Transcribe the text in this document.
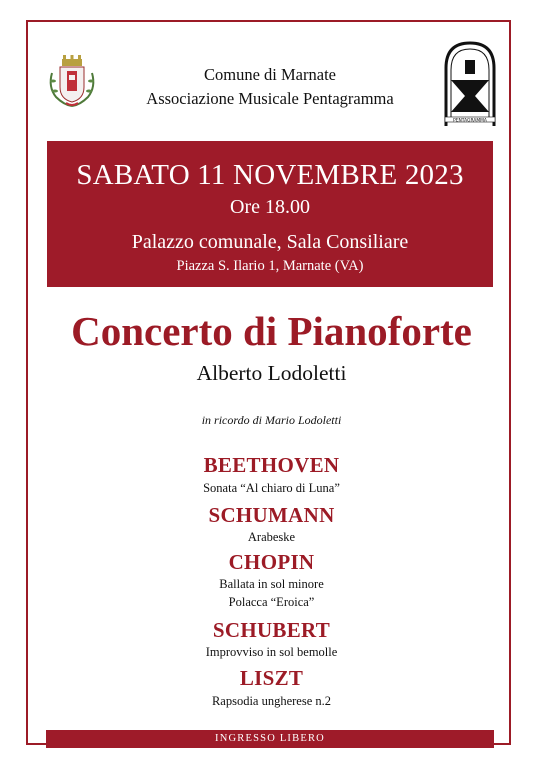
Comune di Marnate
Associazione Musicale Pentagramma
PENTAGRAMMA
SABATO 11 NOVEMBRE 2023
Ore 18.00
Palazzo comunale, Sala Consiliare
Piazza S. Ilario 1, Marnate (VA)
Concerto di Pianoforte
Alberto Lodoletti
in ricordo di Mario Lodoletti
BEETHOVEN
Sonata “Al chiaro di Luna”
SCHUMANN
Arabeske
CHOPIN
Ballata in sol minore
Polacca “Eroica”
SCHUBERT
Improvviso in sol bemolle
LISZT
Rapsodia ungherese n.2
INGRESSO LIBERO
